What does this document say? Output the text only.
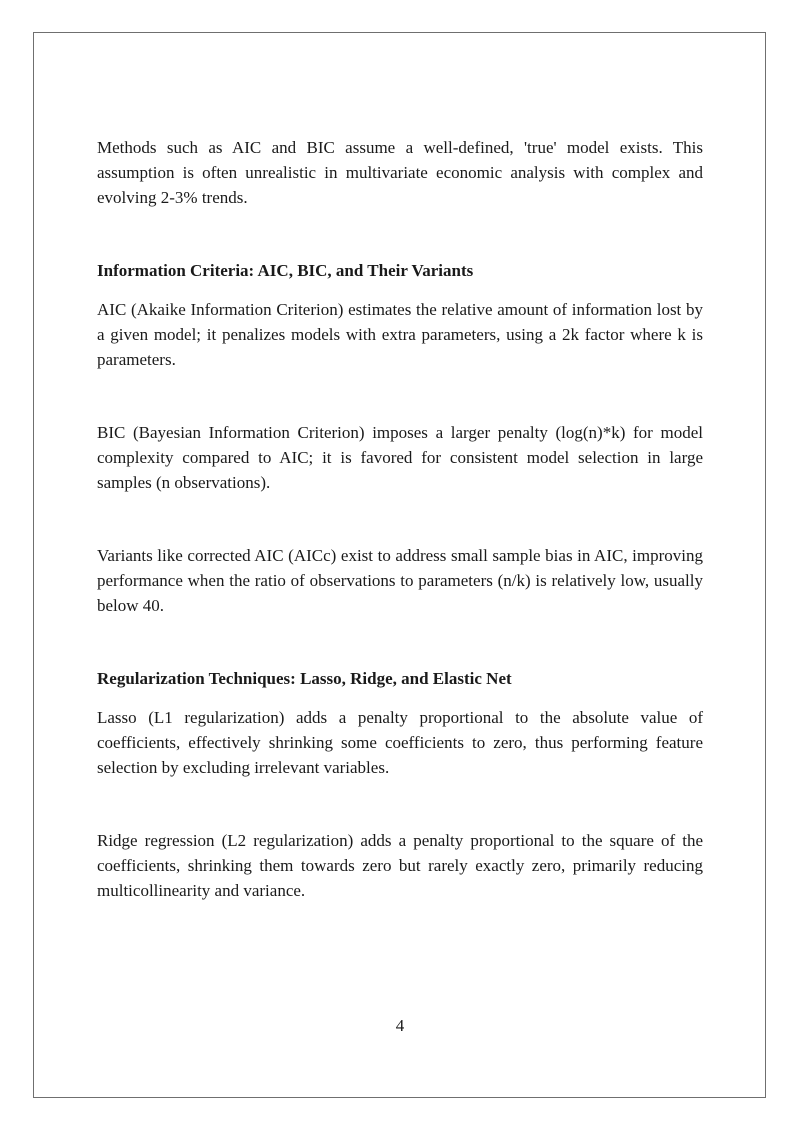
Methods such as AIC and BIC assume a well-defined, 'true' model exists. This assumption is often unrealistic in multivariate economic analysis with complex and evolving 2-3% trends.

Information Criteria: AIC, BIC, and Their Variants

AIC (Akaike Information Criterion) estimates the relative amount of information lost by a given model; it penalizes models with extra parameters, using a 2k factor where k is parameters.

BIC (Bayesian Information Criterion) imposes a larger penalty (log(n)*k) for model complexity compared to AIC; it is favored for consistent model selection in large samples (n observations).

Variants like corrected AIC (AICc) exist to address small sample bias in AIC, improving performance when the ratio of observations to parameters (n/k) is relatively low, usually below 40.

Regularization Techniques: Lasso, Ridge, and Elastic Net

Lasso (L1 regularization) adds a penalty proportional to the absolute value of coefficients, effectively shrinking some coefficients to zero, thus performing feature selection by excluding irrelevant variables.

Ridge regression (L2 regularization) adds a penalty proportional to the square of the coefficients, shrinking them towards zero but rarely exactly zero, primarily reducing multicollinearity and variance.

4
